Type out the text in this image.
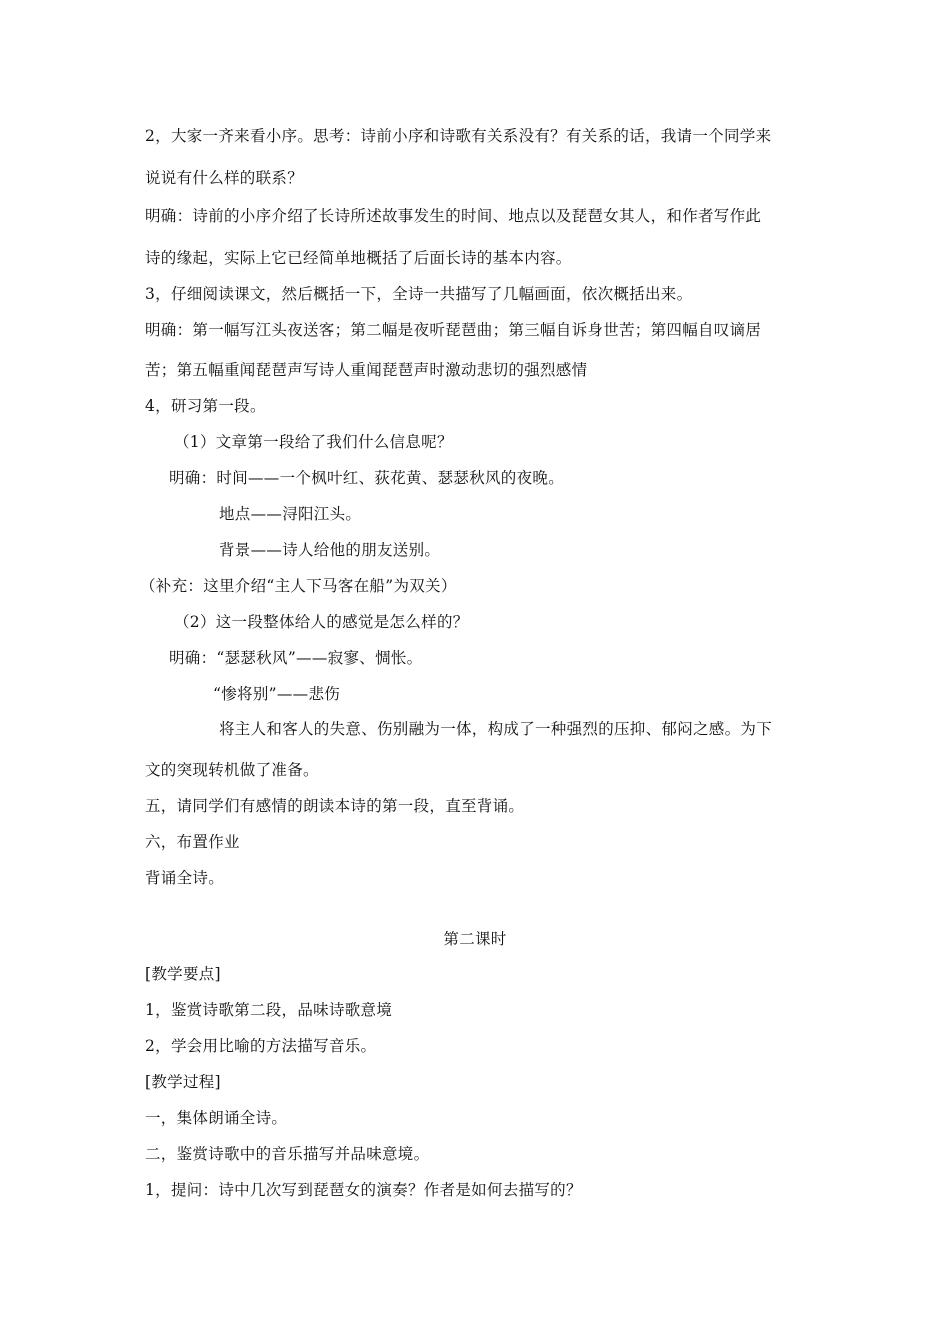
2，大家一齐来看小序。思考：诗前小序和诗歌有关系没有？有关系的话，我请一个同学来
说说有什么样的联系？
明确：诗前的小序介绍了长诗所述故事发生的时间、地点以及琵琶女其人，和作者写作此
诗的缘起，实际上它已经简单地概括了后面长诗的基本内容。
3，仔细阅读课文，然后概括一下，全诗一共描写了几幅画面，依次概括出来。
明确：第一幅写江头夜送客；第二幅是夜听琵琶曲；第三幅自诉身世苦；第四幅自叹谪居
苦；第五幅重闻琵琶声写诗人重闻琵琶声时激动悲切的强烈感情
4，研习第一段。
（1）文章第一段给了我们什么信息呢？
明确：时间——一个枫叶红、荻花黄、瑟瑟秋风的夜晚。
地点——浔阳江头。
背景——诗人给他的朋友送别。
（补充：这里介绍“主人下马客在船”为双关）
（2）这一段整体给人的感觉是怎么样的？
明确：“瑟瑟秋风”——寂寥、惆怅。
“惨将别”——悲伤
将主人和客人的失意、伤别融为一体，构成了一种强烈的压抑、郁闷之感。为下
文的突现转机做了准备。
五，请同学们有感情的朗读本诗的第一段，直至背诵。
六，布置作业
背诵全诗。
第二课时
[教学要点]
1，鉴赏诗歌第二段，品味诗歌意境
2，学会用比喻的方法描写音乐。
[教学过程]
一，集体朗诵全诗。
二，鉴赏诗歌中的音乐描写并品味意境。
1，提问：诗中几次写到琵琶女的演奏？作者是如何去描写的？
